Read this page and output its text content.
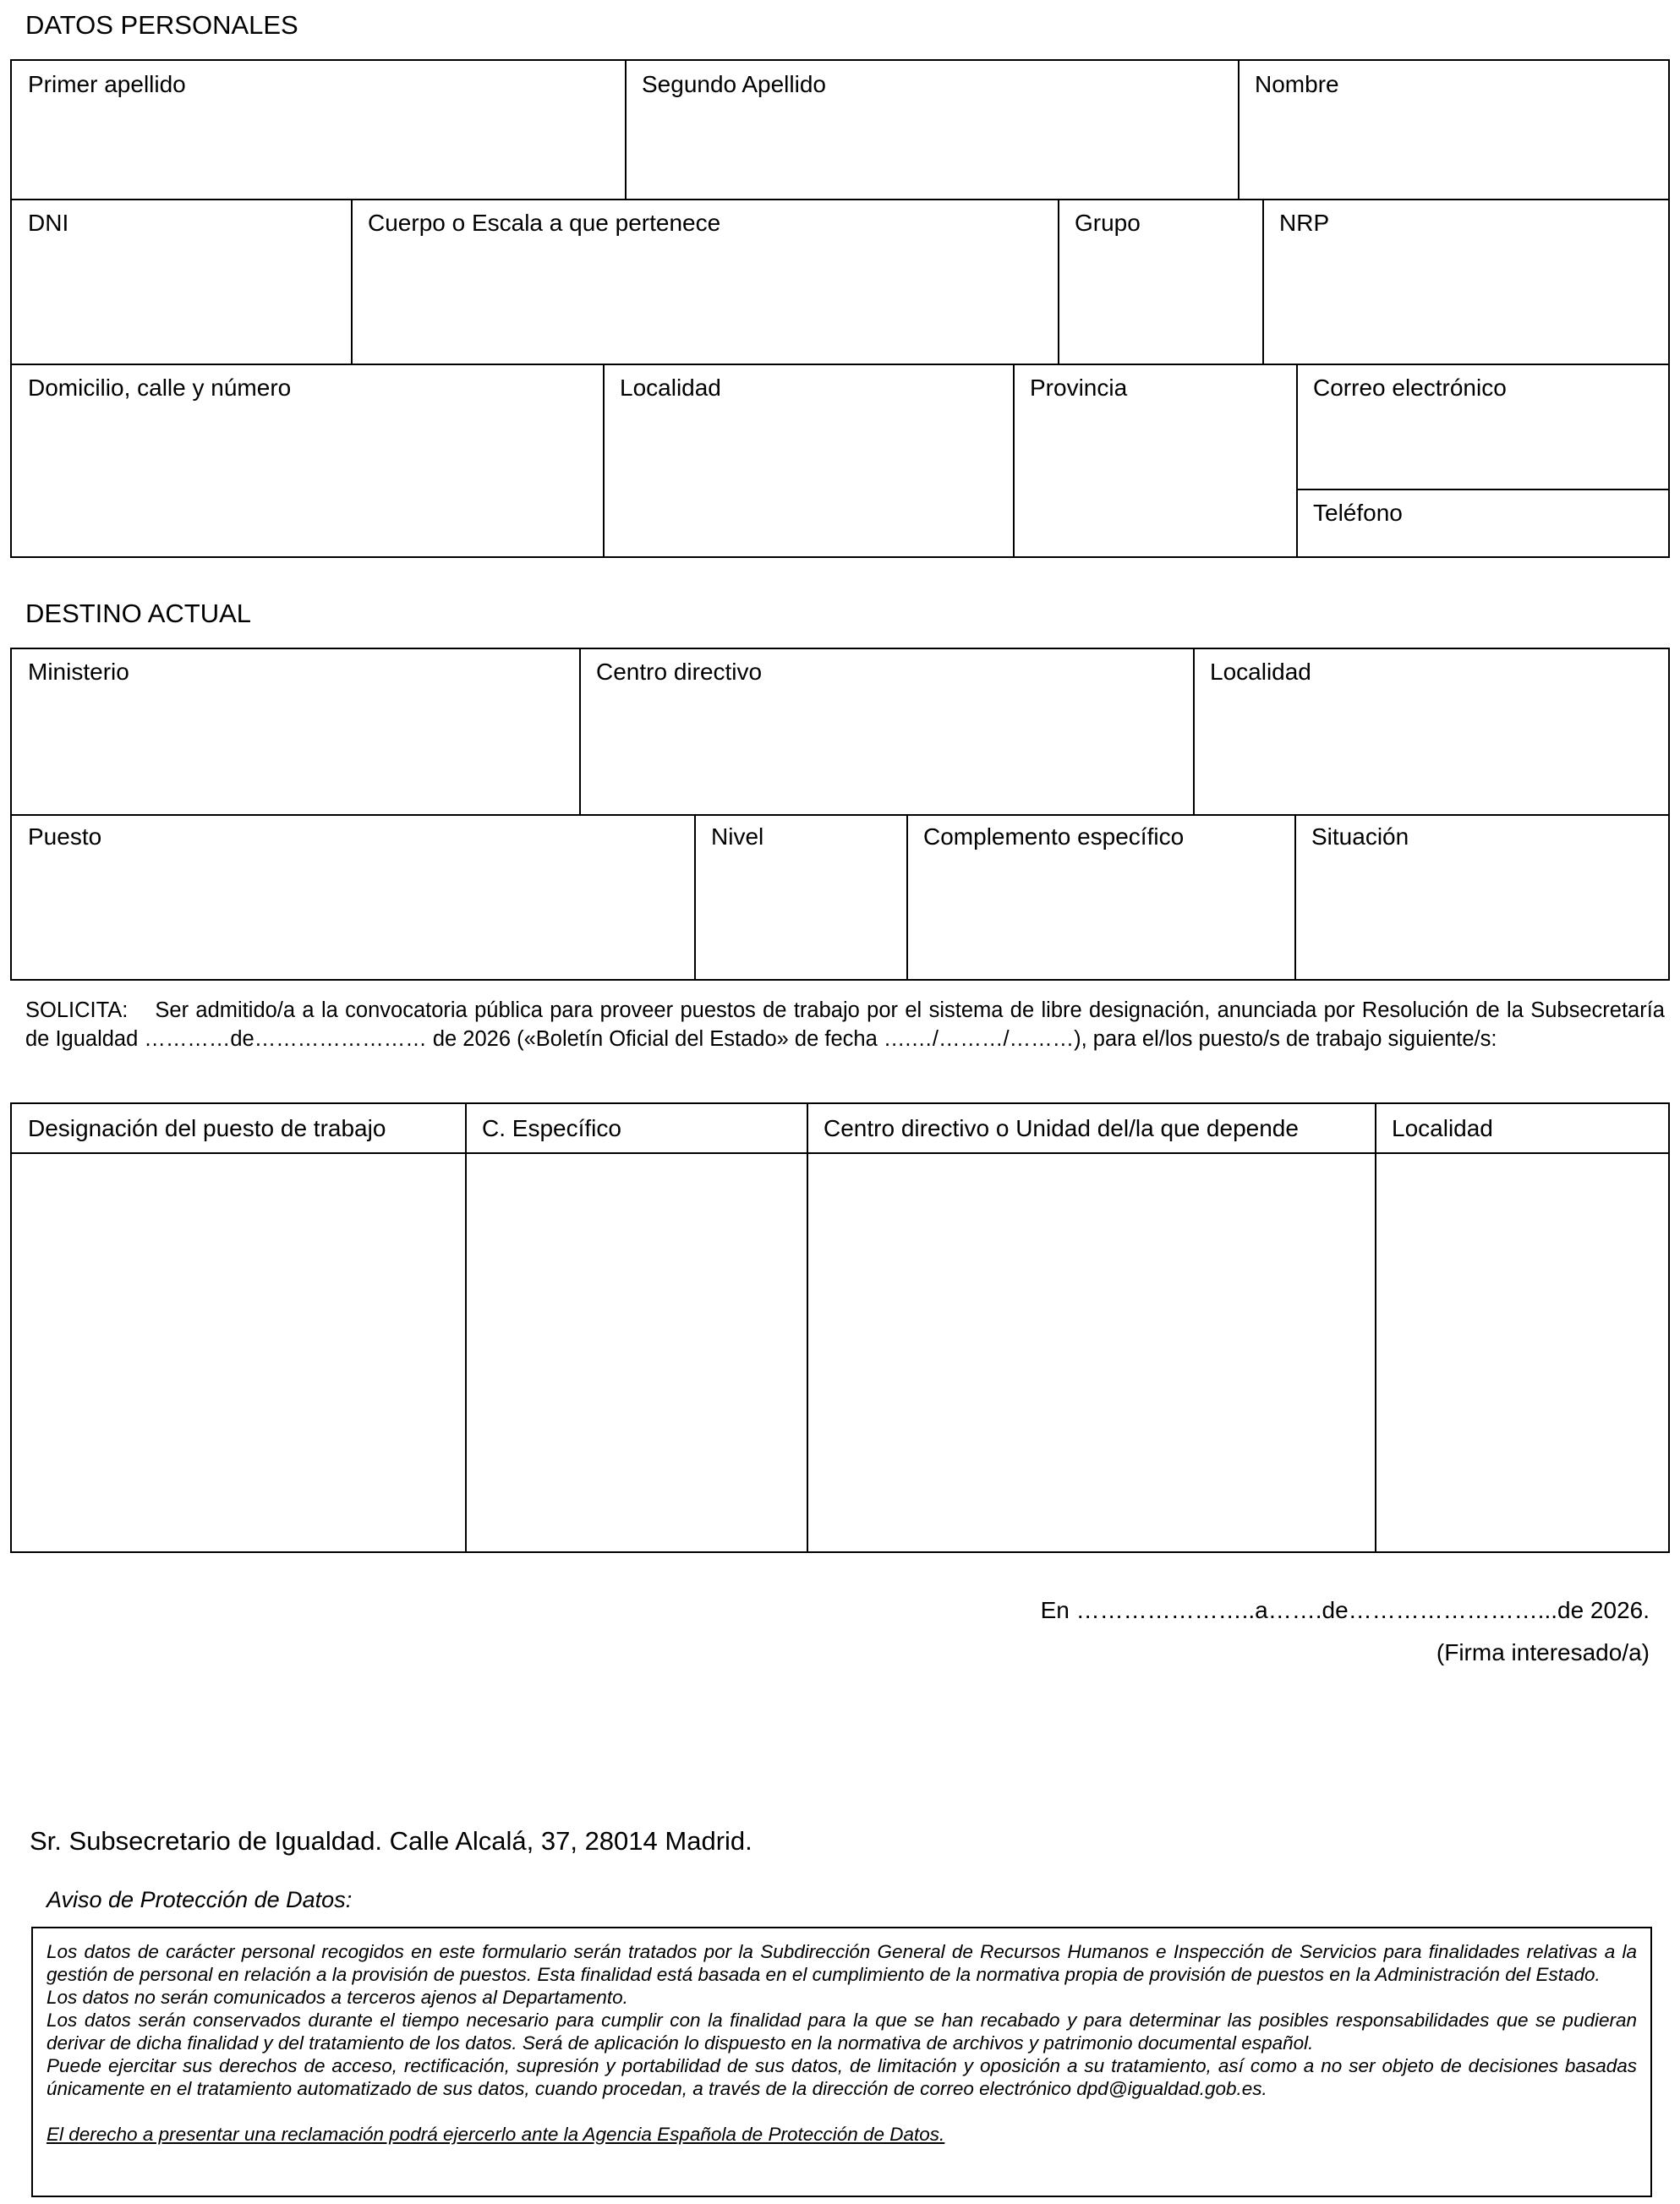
DATOS PERSONALES
Primer apellido	Segundo Apellido	Nombre
DNI	Cuerpo o Escala a que pertenece	Grupo	NRP
Domicilio, calle y número	Localidad	Provincia	Correo electrónico
Teléfono
DESTINO ACTUAL
Ministerio	Centro directivo	Localidad
Puesto	Nivel	Complemento específico	Situación
SOLICITA: Ser admitido/a a la convocatoria pública para proveer puestos de trabajo por el sistema de libre designación, anunciada por Resolución de la Subsecretaría de Igualdad …………de…………………… de 2026 («Boletín Oficial del Estado» de fecha ….…/………/………), para el/los puesto/s de trabajo siguiente/s:
Designación del puesto de trabajo	C. Específico	Centro directivo o Unidad del/la que depende	Localidad
En …………………..a…….de……………………...de 2026.
(Firma interesado/a)
Sr. Subsecretario de Igualdad. Calle Alcalá, 37, 28014 Madrid.
Aviso de Protección de Datos:

Los datos de carácter personal recogidos en este formulario serán tratados por la Subdirección General de Recursos Humanos e Inspección de Servicios para finalidades relativas a la gestión de personal en relación a la provisión de puestos. Esta finalidad está basada en el cumplimiento de la normativa propia de provisión de puestos en la Administración del Estado.

Los datos no serán comunicados a terceros ajenos al Departamento.

Los datos serán conservados durante el tiempo necesario para cumplir con la finalidad para la que se han recabado y para determinar las posibles responsabilidades que se pudieran derivar de dicha finalidad y del tratamiento de los datos. Será de aplicación lo dispuesto en la normativa de archivos y patrimonio documental español.

Puede ejercitar sus derechos de acceso, rectificación, supresión y portabilidad de sus datos, de limitación y oposición a su tratamiento, así como a no ser objeto de decisiones basadas únicamente en el tratamiento automatizado de sus datos, cuando procedan, a través de la dirección de correo electrónico dpd@igualdad.gob.es.

El derecho a presentar una reclamación podrá ejercerlo ante la Agencia Española de Protección de Datos.
